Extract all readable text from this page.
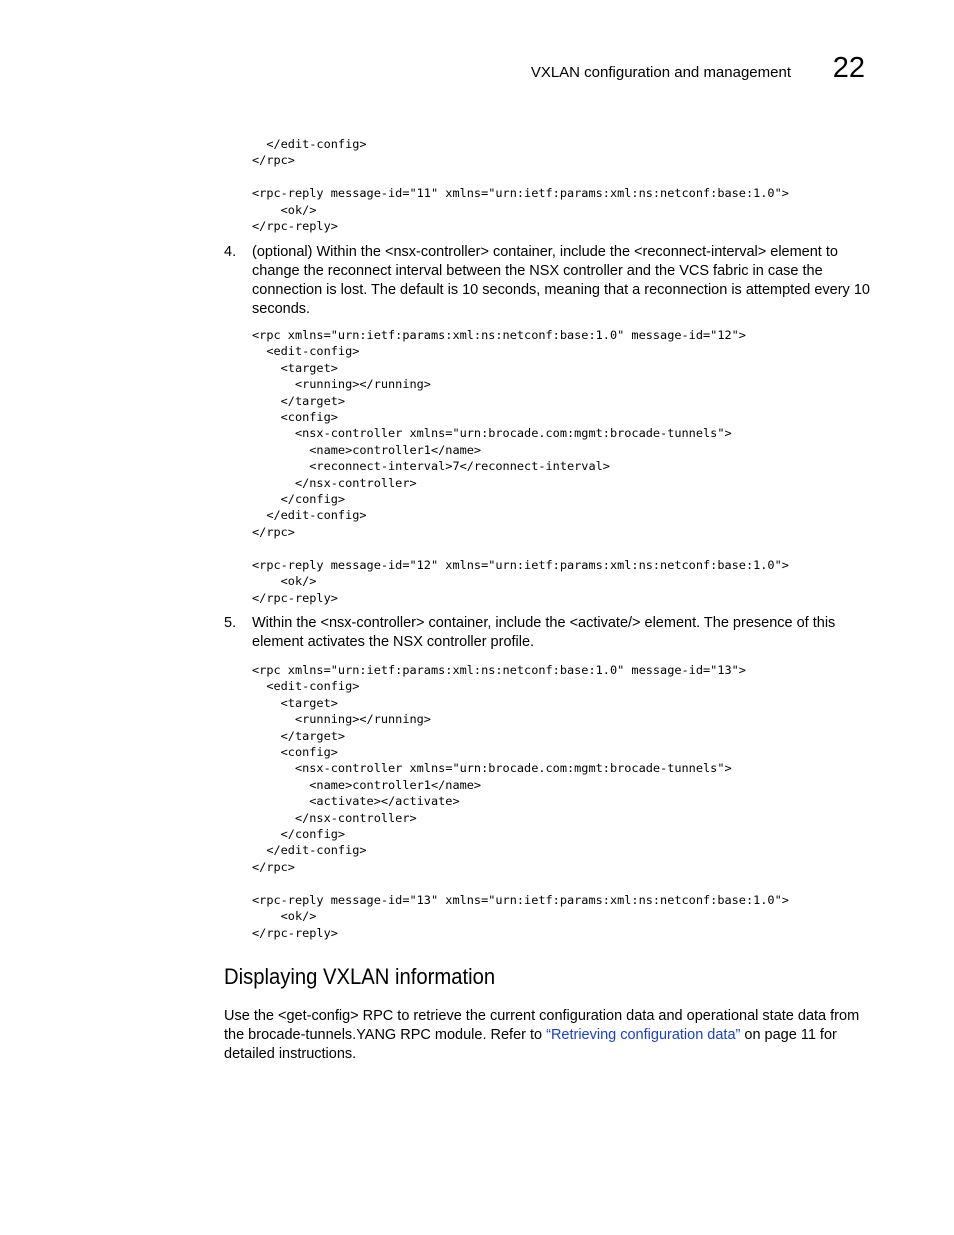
VXLAN configuration and management 22
</edit-config>
</rpc>

<rpc-reply message-id="11" xmlns="urn:ietf:params:xml:ns:netconf:base:1.0">
<ok/>
</rpc-reply>
4. (optional) Within the <nsx-controller> container, include the <reconnect-interval> element to change the reconnect interval between the NSX controller and the VCS fabric in case the connection is lost. The default is 10 seconds, meaning that a reconnection is attempted every 10 seconds.
<rpc xmlns="urn:ietf:params:xml:ns:netconf:base:1.0" message-id="12">
<edit-config>
<target>
<running></running>
</target>
<config>
<nsx-controller xmlns="urn:brocade.com:mgmt:brocade-tunnels">
<name>controller1</name>
<reconnect-interval>7</reconnect-interval>
</nsx-controller>
</config>
</edit-config>
</rpc>

<rpc-reply message-id="12" xmlns="urn:ietf:params:xml:ns:netconf:base:1.0">
<ok/>
</rpc-reply>
5. Within the <nsx-controller> container, include the <activate/> element. The presence of this element activates the NSX controller profile.
<rpc xmlns="urn:ietf:params:xml:ns:netconf:base:1.0" message-id="13">
<edit-config>
<target>
<running></running>
</target>
<config>
<nsx-controller xmlns="urn:brocade.com:mgmt:brocade-tunnels">
<name>controller1</name>
<activate></activate>
</nsx-controller>
</config>
</edit-config>
</rpc>

<rpc-reply message-id="13" xmlns="urn:ietf:params:xml:ns:netconf:base:1.0">
<ok/>
</rpc-reply>
Displaying VXLAN information

Use the <get-config> RPC to retrieve the current configuration data and operational state data from the brocade-tunnels.YANG RPC module. Refer to “Retrieving configuration data” on page 11 for detailed instructions.
